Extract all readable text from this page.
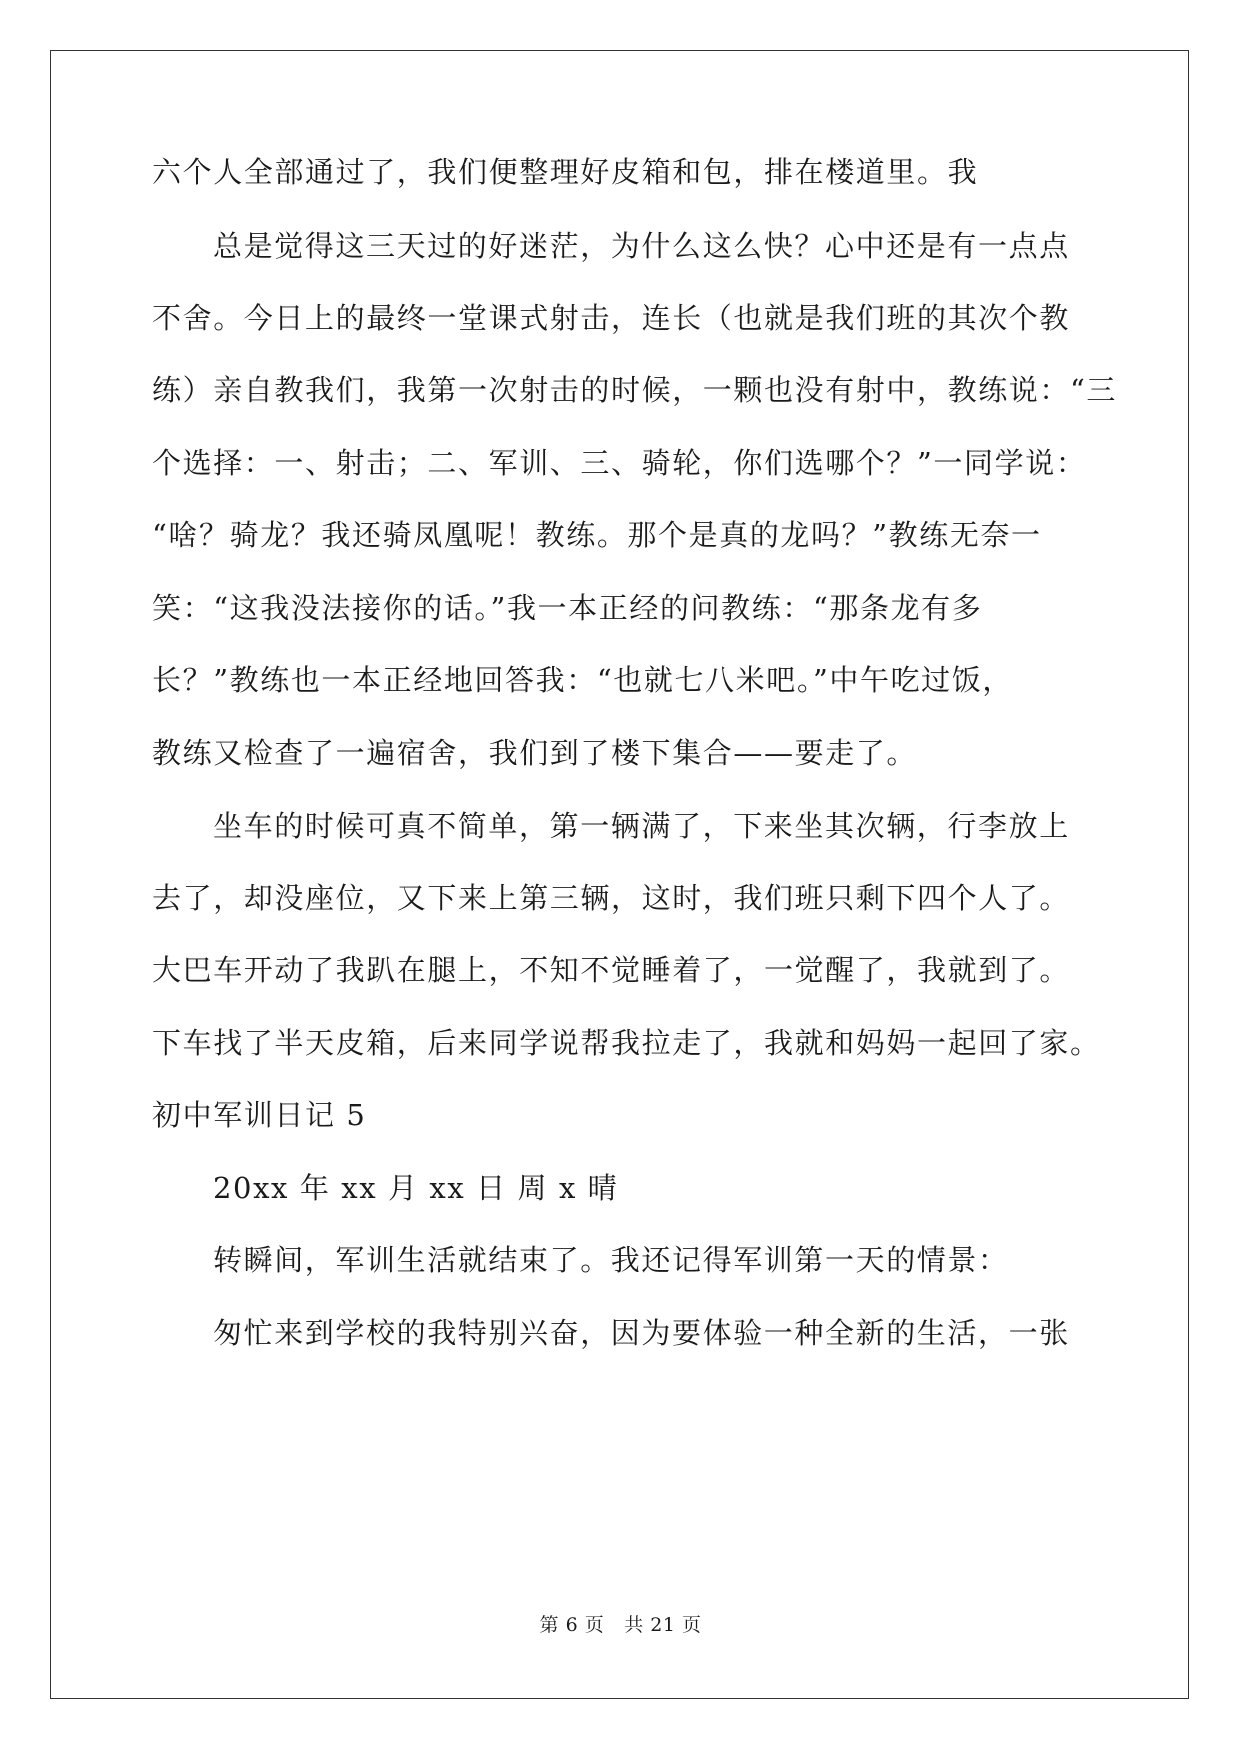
六个人全部通过了，我们便整理好皮箱和包，排在楼道里。我
总是觉得这三天过的好迷茫，为什么这么快？心中还是有一点点
不舍。今日上的最终一堂课式射击，连长（也就是我们班的其次个教
练）亲自教我们，我第一次射击的时候，一颗也没有射中，教练说：“三
个选择：一、射击；二、军训、三、骑轮，你们选哪个？”一同学说：
“啥？骑龙？我还骑凤凰呢！教练。那个是真的龙吗？”教练无奈一
笑：“这我没法接你的话。”我一本正经的问教练：“那条龙有多
长？”教练也一本正经地回答我：“也就七八米吧。”中午吃过饭，
教练又检查了一遍宿舍，我们到了楼下集合——要走了。
坐车的时候可真不简单，第一辆满了，下来坐其次辆，行李放上
去了，却没座位，又下来上第三辆，这时，我们班只剩下四个人了。
大巴车开动了我趴在腿上，不知不觉睡着了，一觉醒了，我就到了。
下车找了半天皮箱，后来同学说帮我拉走了，我就和妈妈一起回了家。
初中军训日记 5
20xx 年 xx 月 xx 日 周 x 晴
转瞬间，军训生活就结束了。我还记得军训第一天的情景：
匆忙来到学校的我特别兴奋，因为要体验一种全新的生活，一张
第 6 页 共 21 页
